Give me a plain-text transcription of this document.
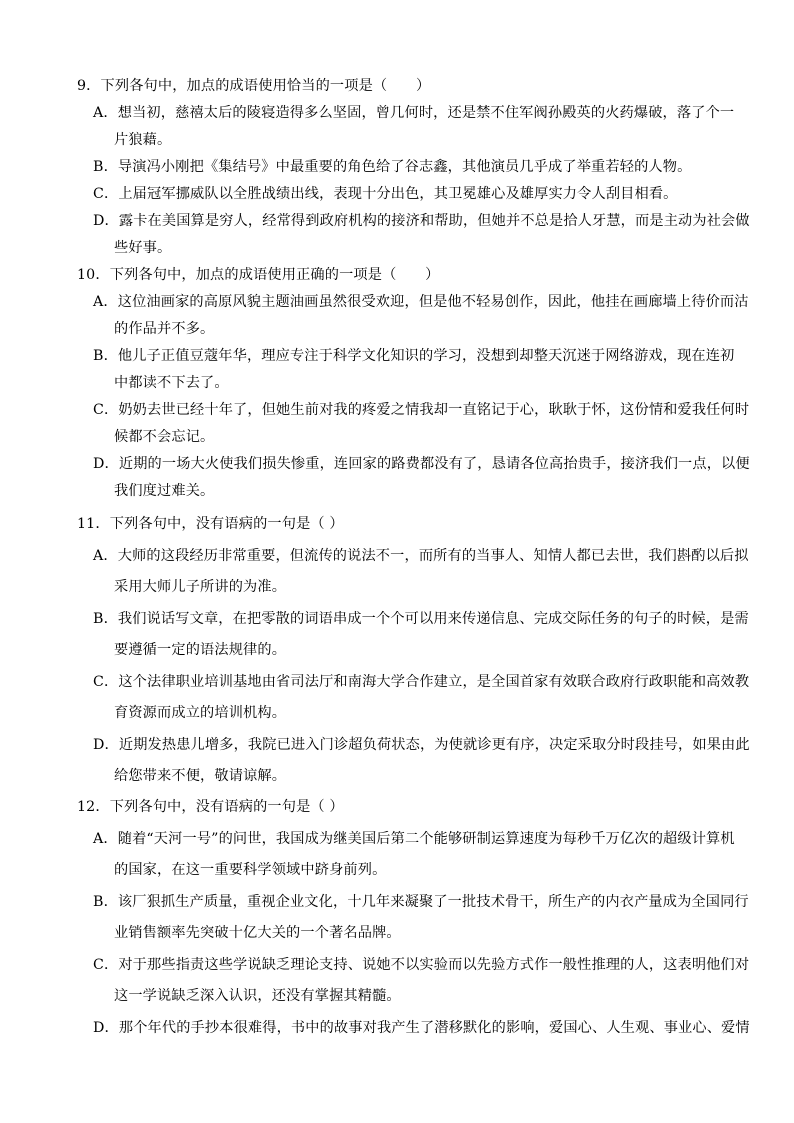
9．下列各句中，加点的成语使用恰当的一项是（　　）
A．想当初，慈禧太后的陵寝造得多么坚固，曾几何时，还是禁不住军阀孙殿英的火药爆破，落了个一
片狼藉。
B．导演冯小刚把《集结号》中最重要的角色给了谷志鑫，其他演员几乎成了举重若轻的人物。
C．上届冠军挪威队以全胜战绩出线，表现十分出色，其卫冕雄心及雄厚实力令人刮目相看。
D．露卡在美国算是穷人，经常得到政府机构的接济和帮助，但她并不总是拾人牙慧，而是主动为社会做
些好事。
10．下列各句中，加点的成语使用正确的一项是（　　）
A．这位油画家的高原风貌主题油画虽然很受欢迎，但是他不轻易创作，因此，他挂在画廊墙上待价而沽
的作品并不多。
B．他儿子正值豆蔻年华，理应专注于科学文化知识的学习，没想到却整天沉迷于网络游戏，现在连初
中都读不下去了。
C．奶奶去世已经十年了，但她生前对我的疼爱之情我却一直铭记于心，耿耿于怀，这份情和爱我任何时
候都不会忘记。
D．近期的一场大火使我们损失惨重，连回家的路费都没有了，恳请各位高抬贵手，接济我们一点，以便
我们度过难关。
11．下列各句中，没有语病的一句是（ ）
A．大师的这段经历非常重要，但流传的说法不一，而所有的当事人、知情人都已去世，我们斟酌以后拟
采用大师儿子所讲的为准。
B．我们说话写文章，在把零散的词语串成一个个可以用来传递信息、完成交际任务的句子的时候，是需
要遵循一定的语法规律的。
C．这个法律职业培训基地由省司法厅和南海大学合作建立，是全国首家有效联合政府行政职能和高效教
育资源而成立的培训机构。
D．近期发热患儿增多，我院已进入门诊超负荷状态，为使就诊更有序，决定采取分时段挂号，如果由此
给您带来不便，敬请谅解。
12．下列各句中，没有语病的一句是（ ）
A．随着“天河一号”的问世，我国成为继美国后第二个能够研制运算速度为每秒千万亿次的超级计算机
的国家，在这一重要科学领域中跻身前列。
B．该厂狠抓生产质量，重视企业文化，十几年来凝聚了一批技术骨干，所生产的内衣产量成为全国同行
业销售额率先突破十亿大关的一个著名品牌。
C．对于那些指责这些学说缺乏理论支持、说她不以实验而以先验方式作一般性推理的人，这表明他们对
这一学说缺乏深入认识，还没有掌握其精髓。
D．那个年代的手抄本很难得，书中的故事对我产生了潜移默化的影响，爱国心、人生观、事业心、爱情
